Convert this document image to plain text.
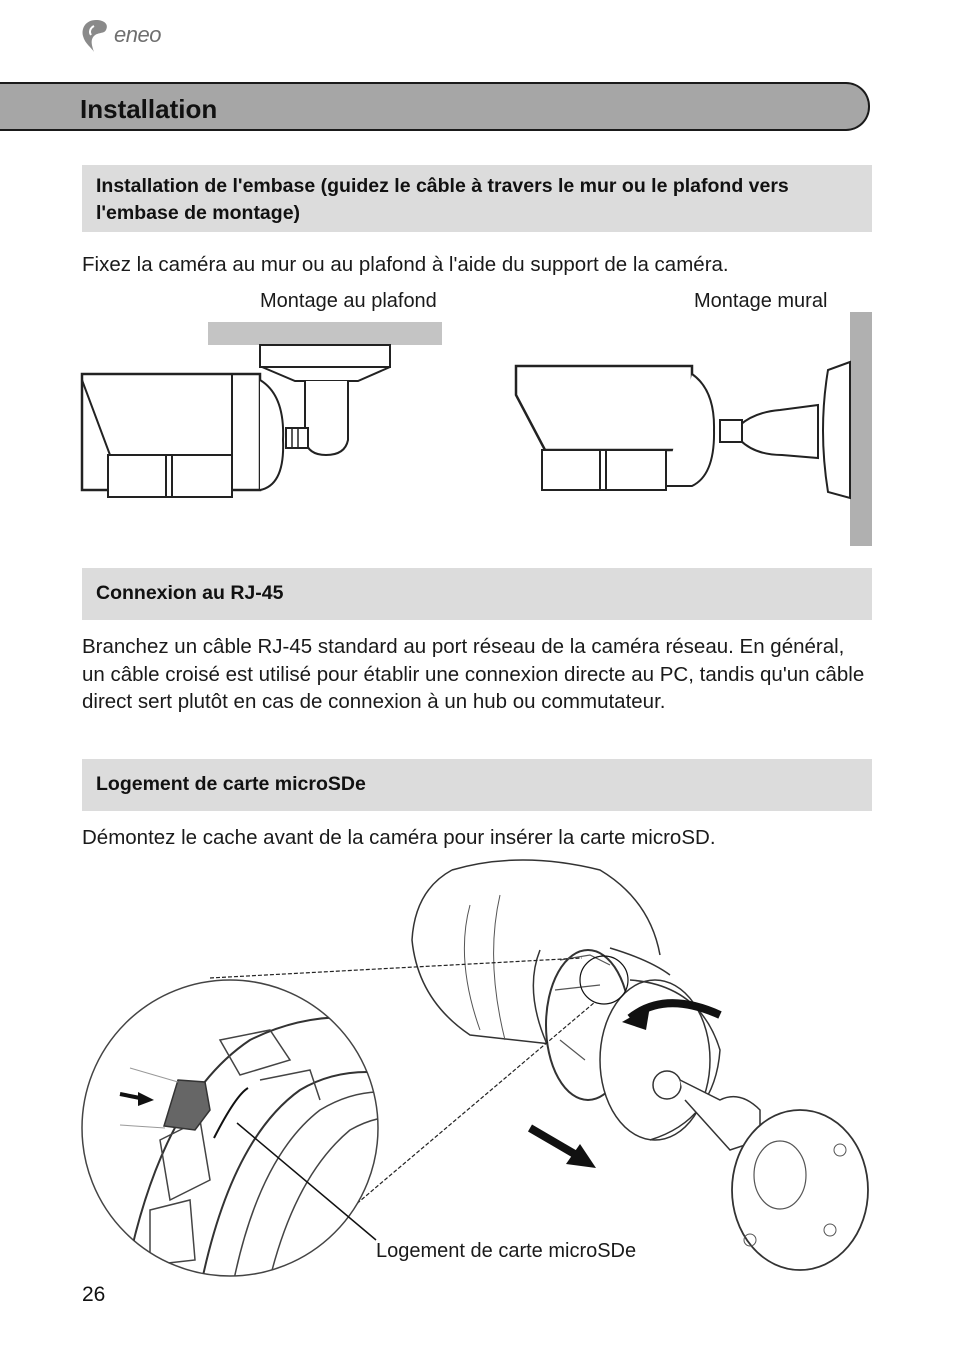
eneo
Installation
Installation de l'embase (guidez le câble à travers le mur ou le plafond vers l'embase de montage)
Fixez la caméra au mur ou au plafond à l'aide du support de la caméra.
Montage au plafond	Montage mural
Connexion au RJ-45
Branchez un câble RJ-45 standard au port réseau de la caméra réseau. En général, un câble croisé est utilisé pour établir une connexion directe au PC, tandis qu'un câble direct sert plutôt en cas de connexion à un hub ou commutateur.
Logement de carte microSDe
Démontez le cache avant de la caméra pour insérer la carte microSD.
Logement de carte microSDe
26
